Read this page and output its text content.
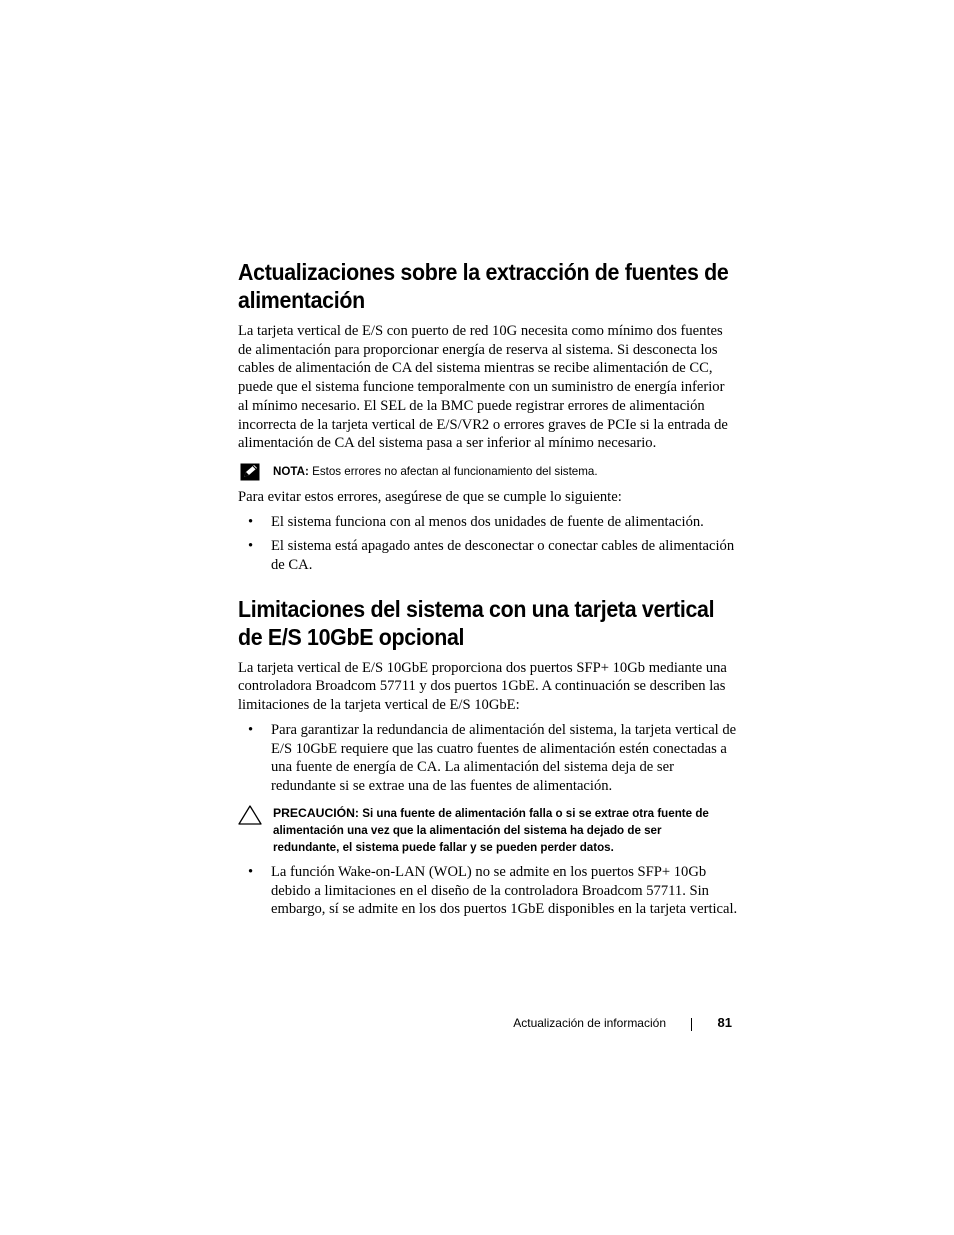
Actualizaciones sobre la extracción de fuentes de alimentación

La tarjeta vertical de E/S con puerto de red 10G necesita como mínimo dos fuentes de alimentación para proporcionar energía de reserva al sistema. Si desconecta los cables de alimentación de CA del sistema mientras se recibe alimentación de CC, puede que el sistema funcione temporalmente con un suministro de energía inferior al mínimo necesario. El SEL de la BMC puede registrar errores de alimentación incorrecta de la tarjeta vertical de E/S/VR2 o errores graves de PCIe si la entrada de alimentación de CA del sistema pasa a ser inferior al mínimo necesario.

NOTA: Estos errores no afectan al funcionamiento del sistema.

Para evitar estos errores, asegúrese de que se cumple lo siguiente:

• El sistema funciona con al menos dos unidades de fuente de alimentación.
• El sistema está apagado antes de desconectar o conectar cables de alimentación de CA.
Limitaciones del sistema con una tarjeta vertical de E/S 10GbE opcional

La tarjeta vertical de E/S 10GbE proporciona dos puertos SFP+ 10Gb mediante una controladora Broadcom 57711 y dos puertos 1GbE. A continuación se describen las limitaciones de la tarjeta vertical de E/S 10GbE:

• Para garantizar la redundancia de alimentación del sistema, la tarjeta vertical de E/S 10GbE requiere que las cuatro fuentes de alimentación estén conectadas a una fuente de energía de CA. La alimentación del sistema deja de ser redundante si se extrae una de las fuentes de alimentación.
PRECAUCIÓN: Si una fuente de alimentación falla o si se extrae otra fuente de alimentación una vez que la alimentación del sistema ha dejado de ser redundante, el sistema puede fallar y se pueden perder datos.
• La función Wake-on-LAN (WOL) no se admite en los puertos SFP+ 10Gb debido a limitaciones en el diseño de la controladora Broadcom 57711. Sin embargo, sí se admite en los dos puertos 1GbE disponibles en la tarjeta vertical.
Actualización de información	81
